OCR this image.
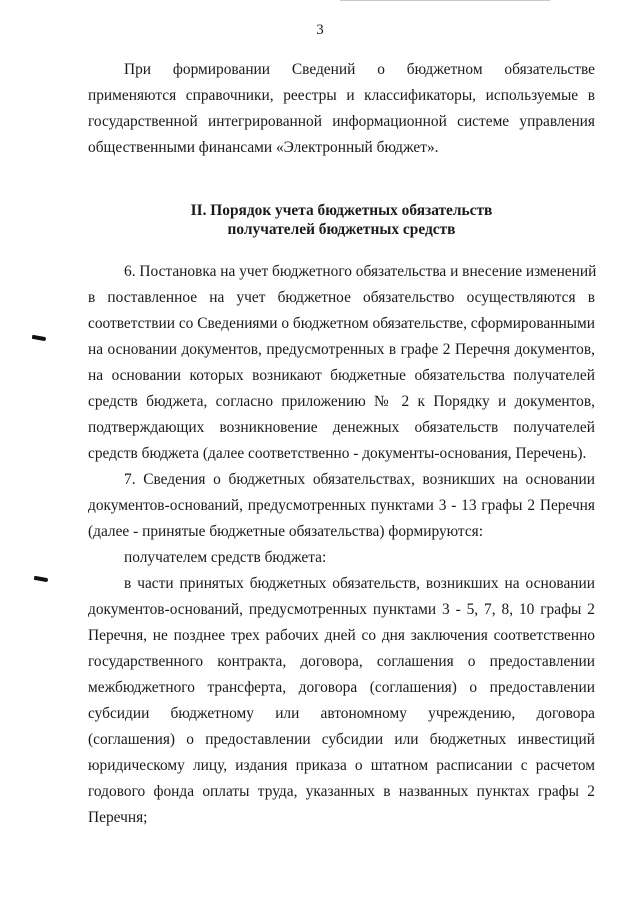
3
При формировании Сведений о бюджетном обязательстве
применяются справочники, реестры и классификаторы, используемые в
государственной интегрированной информационной системе управления
общественными финансами «Электронный бюджет».
II. Порядок учета бюджетных обязательств
получателей бюджетных средств
6. Постановка на учет бюджетного обязательства и внесение изменений
в поставленное на учет бюджетное обязательство осуществляются в
соответствии со Сведениями о бюджетном обязательстве, сформированными
на основании документов, предусмотренных в графе 2 Перечня документов,
на основании которых возникают бюджетные обязательства получателей
средств бюджета, согласно приложению № 2 к Порядку и документов,
подтверждающих возникновение денежных обязательств получателей
средств бюджета (далее соответственно - документы-основания, Перечень).
7. Сведения о бюджетных обязательствах, возникших на основании
документов-оснований, предусмотренных пунктами 3 - 13 графы 2 Перечня
(далее - принятые бюджетные обязательства) формируются:
получателем средств бюджета:
в части принятых бюджетных обязательств, возникших на основании
документов-оснований, предусмотренных пунктами 3 - 5, 7, 8, 10 графы 2
Перечня, не позднее трех рабочих дней со дня заключения соответственно
государственного контракта, договора, соглашения о предоставлении
межбюджетного трансферта, договора (соглашения) о предоставлении
субсидии бюджетному или автономному учреждению, договора
(соглашения) о предоставлении субсидии или бюджетных инвестиций
юридическому лицу, издания приказа о штатном расписании с расчетом
годового фонда оплаты труда, указанных в названных пунктах графы 2
Перечня;
